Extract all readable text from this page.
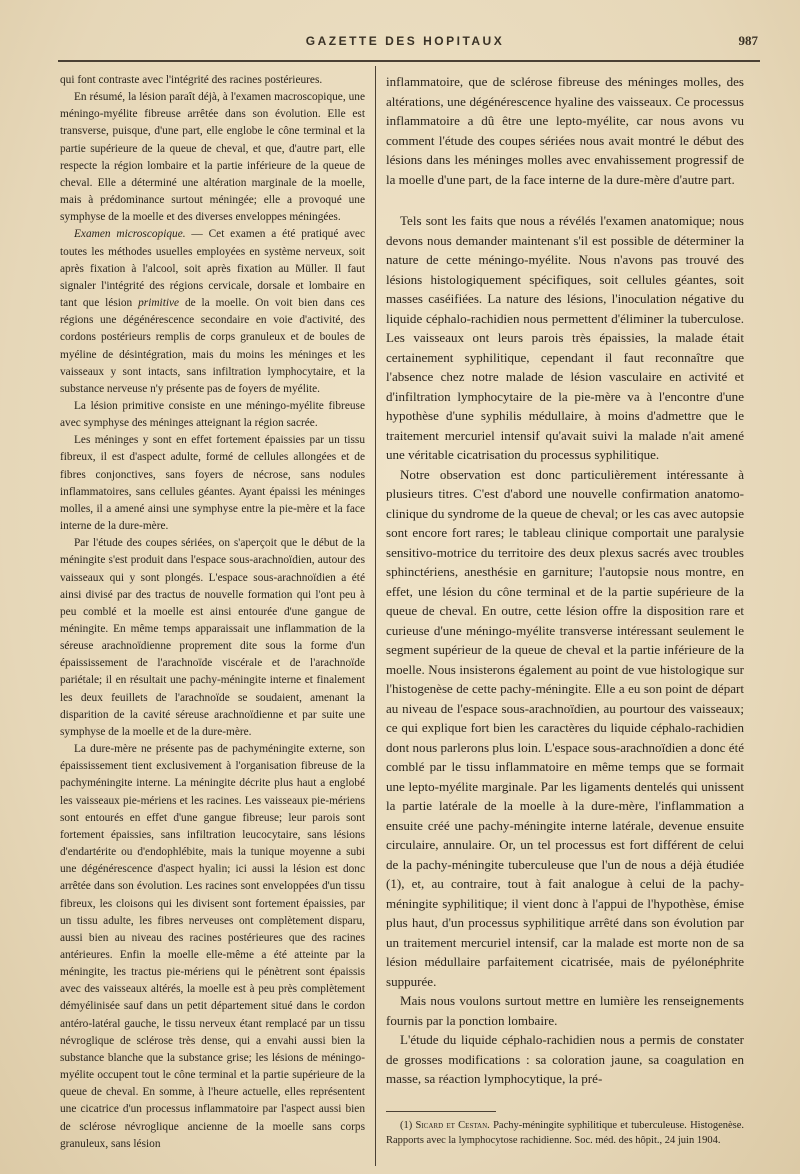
GAZETTE DES HOPITAUX	987

qui font contraste avec l'intégrité des racines postérieures.

En résumé, la lésion paraît déjà, à l'examen macroscopique, une méningo-myélite fibreuse arrêtée dans son évolution. Elle est transverse, puisque, d'une part, elle englobe le cône terminal et la partie supérieure de la queue de cheval, et que, d'autre part, elle respecte la région lombaire et la partie inférieure de la queue de cheval. Elle a déterminé une altération marginale de la moelle, mais à prédominance surtout méningée; elle a provoqué une symphyse de la moelle et des diverses enveloppes méningées.

Examen microscopique. — Cet examen a été pratiqué avec toutes les méthodes usuelles employées en système nerveux, soit après fixation à l'alcool, soit après fixation au Müller. Il faut signaler l'intégrité des régions cervicale, dorsale et lombaire en tant que lésion primitive de la moelle. On voit bien dans ces régions une dégénérescence secondaire en voie d'activité, des cordons postérieurs remplis de corps granuleux et de boules de myéline de désintégration, mais du moins les méninges et les vaisseaux y sont intacts, sans infiltration lymphocytaire, et la substance nerveuse n'y présente pas de foyers de myélite.

La lésion primitive consiste en une méningo-myélite fibreuse avec symphyse des méninges atteignant la région sacrée.

Les méninges y sont en effet fortement épaissies par un tissu fibreux, il est d'aspect adulte, formé de cellules allongées et de fibres conjonctives, sans foyers de nécrose, sans nodules inflammatoires, sans cellules géantes. Ayant épaissi les méninges molles, il a amené ainsi une symphyse entre la pie-mère et la face interne de la dure-mère.

Par l'étude des coupes sériées, on s'aperçoit que le début de la méningite s'est produit dans l'espace sous-arachnoïdien, autour des vaisseaux qui y sont plongés. L'espace sous-arachnoïdien a été ainsi divisé par des tractus de nouvelle formation qui l'ont peu à peu comblé et la moelle est ainsi entourée d'une gangue de méningite. En même temps apparaissait une inflammation de la séreuse arachnoïdienne proprement dite sous la forme d'un épaississement de l'arachnoïde viscérale et de l'arachnoïde pariétale; il en résultait une pachy-méningite interne et finalement les deux feuillets de l'arachnoïde se soudaient, amenant la disparition de la cavité séreuse arachnoïdienne et par suite une symphyse de la moelle et de la dure-mère.

La dure-mère ne présente pas de pachyméningite externe, son épaississement tient exclusivement à l'organisation fibreuse de la pachyméningite interne. La méningite décrite plus haut a englobé les vaisseaux pie-mériens et les racines. Les vaisseaux pie-mériens sont entourés en effet d'une gangue fibreuse; leur parois sont fortement épaissies, sans infiltration leucocytaire, sans lésions d'endartérite ou d'endophlébite, mais la tunique moyenne a subi une dégénérescence d'aspect hyalin; ici aussi la lésion est donc arrêtée dans son évolution. Les racines sont enveloppées d'un tissu fibreux, les cloisons qui les divisent sont fortement épaissies, par un tissu adulte, les fibres nerveuses ont complètement disparu, aussi bien au niveau des racines postérieures que des racines antérieures. Enfin la moelle elle-même a été atteinte par la méningite, les tractus pie-mériens qui le pénètrent sont épaissis avec des vaisseaux altérés, la moelle est à peu près complètement démyélinisée sauf dans un petit département situé dans le cordon antéro-latéral gauche, le tissu nerveux étant remplacé par un tissu névroglique de sclérose très dense, qui a envahi aussi bien la substance blanche que la substance grise; les lésions de méningo-myélite occupent tout le cône terminal et la partie supérieure de la queue de cheval. En somme, à l'heure actuelle, elles représentent une cicatrice d'un processus inflammatoire par l'aspect aussi bien de sclérose névroglique ancienne de la moelle sans corps granuleux, sans lésion

inflammatoire, que de sclérose fibreuse des méninges molles, des altérations, une dégénérescence hyaline des vaisseaux. Ce processus inflammatoire a dû être une lepto-myélite, car nous avons vu comment l'étude des coupes sériées nous avait montré le début des lésions dans les méninges molles avec envahissement progressif de la moelle d'une part, de la face interne de la dure-mère d'autre part.

Tels sont les faits que nous a révélés l'examen anatomique; nous devons nous demander maintenant s'il est possible de déterminer la nature de cette méningo-myélite. Nous n'avons pas trouvé des lésions histologiquement spécifiques, soit cellules géantes, soit masses caséifiées. La nature des lésions, l'inoculation négative du liquide céphalo-rachidien nous permettent d'éliminer la tuberculose. Les vaisseaux ont leurs parois très épaissies, la malade était certainement syphilitique, cependant il faut reconnaître que l'absence chez notre malade de lésion vasculaire en activité et d'infiltration lymphocytaire de la pie-mère va à l'encontre d'une hypothèse d'une syphilis médullaire, à moins d'admettre que le traitement mercuriel intensif qu'avait suivi la malade n'ait amené une véritable cicatrisation du processus syphilitique.

Notre observation est donc particulièrement intéressante à plusieurs titres. C'est d'abord une nouvelle confirmation anatomo-clinique du syndrome de la queue de cheval; or les cas avec autopsie sont encore fort rares; le tableau clinique comportait une paralysie sensitivo-motrice du territoire des deux plexus sacrés avec troubles sphinctériens, anesthésie en garniture; l'autopsie nous montre, en effet, une lésion du cône terminal et de la partie supérieure de la queue de cheval. En outre, cette lésion offre la disposition rare et curieuse d'une méningo-myélite transverse intéressant seulement le segment supérieur de la queue de cheval et la partie inférieure de la moelle. Nous insisterons également au point de vue histologique sur l'histogenèse de cette pachy-méningite. Elle a eu son point de départ au niveau de l'espace sous-arachnoïdien, au pourtour des vaisseaux; ce qui explique fort bien les caractères du liquide céphalo-rachidien dont nous parlerons plus loin. L'espace sous-arachnoïdien a donc été comblé par le tissu inflammatoire en même temps que se formait une lepto-myélite marginale. Par les ligaments dentelés qui unissent la partie latérale de la moelle à la dure-mère, l'inflammation a ensuite créé une pachy-méningite interne latérale, devenue ensuite circulaire, annulaire. Or, un tel processus est fort différent de celui de la pachy-méningite tuberculeuse que l'un de nous a déjà étudiée (1), et, au contraire, tout à fait analogue à celui de la pachy-méningite syphilitique; il vient donc à l'appui de l'hypothèse, émise plus haut, d'un processus syphilitique arrêté dans son évolution par un traitement mercuriel intensif, car la malade est morte non de sa lésion médullaire parfaitement cicatrisée, mais de pyélonéphrite suppurée.

Mais nous voulons surtout mettre en lumière les renseignements fournis par la ponction lombaire.

L'étude du liquide céphalo-rachidien nous a permis de constater de grosses modifications : sa coloration jaune, sa coagulation en masse, sa réaction lymphocytique, la pré-

(1) Sicard et Cestan. Pachy-méningite syphilitique et tuberculeuse. Histogenèse. Rapports avec la lymphocytose rachidienne. Soc. méd. des hôpit., 24 juin 1904.
